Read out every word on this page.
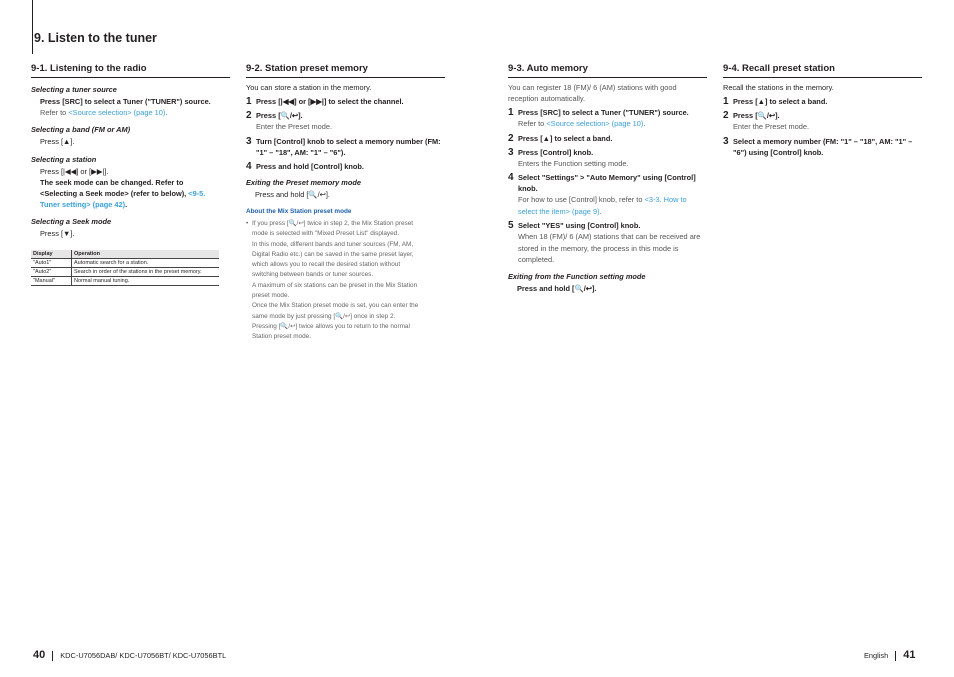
9. Listen to the tuner
9-1. Listening to the radio

Selecting a tuner source

Press [SRC] to select a Tuner ("TUNER") source.

Refer to <Source selection> (page 10).

Selecting a band (FM or AM)

Press [▲].

Selecting a station

Press [|◀◀] or [▶▶|].

The seek mode can be changed. Refer to

<Selecting a Seek mode> (refer to below), <9-5.

Tuner setting> (page 42).

Selecting a Seek mode

Press [▼].

Display	Operation
"Auto1"	Automatic search for a station.
"Auto2"	Search in order of the stations in the preset memory.
"Manual"	Normal manual tuning.
9-2. Station preset memory

You can store a station in the memory.

1 Press [|◀◀] or [▶▶|] to select the channel.
2 Press [🔍/↩].
Enter the Preset mode.
3 Turn [Control] knob to select a memory number (FM: "1" – "18", AM: "1" – "6").
4 Press and hold [Control] knob.

Exiting the Preset memory mode

Press and hold [🔍/↩].

About the Mix Station preset mode

• If you press [🔍/↩] twice in step 2, the Mix Station preset
mode is selected with "Mixed Preset List" displayed.
In this mode, different bands and tuner sources (FM, AM,
Digital Radio etc.) can be saved in the same preset layer,
which allows you to recall the desired station without
switching between bands or tuner sources.
A maximum of six stations can be preset in the Mix Station
preset mode.
Once the Mix Station preset mode is set, you can enter the
same mode by just pressing [🔍/↩] once in step 2.
Pressing [🔍/↩] twice allows you to return to the normal
Station preset mode.
9-3. Auto memory

You can register 18 (FM)/ 6 (AM) stations with good reception automatically.

1 Press [SRC] to select a Tuner ("TUNER") source.
Refer to <Source selection> (page 10).
2 Press [▲] to select a band.
3 Press [Control] knob.
Enters the Function setting mode.
4 Select "Settings" > "Auto Memory" using [Control] knob.
For how to use [Control] knob, refer to <3-3. How to select the item> (page 9).
5 Select "YES" using [Control] knob.
When 18 (FM)/ 6 (AM) stations that can be received are stored in the memory, the process in this mode is completed.

Exiting from the Function setting mode

Press and hold [🔍/↩].

9-4. Recall preset station

Recall the stations in the memory.

1 Press [▲] to select a band.
2 Press [🔍/↩].
Enter the Preset mode.
3 Select a memory number (FM: "1" – "18", AM: "1" – "6") using [Control] knob.
40 KDC-U7056DAB/ KDC-U7056BT/ KDC-U7056BTL	English 41
